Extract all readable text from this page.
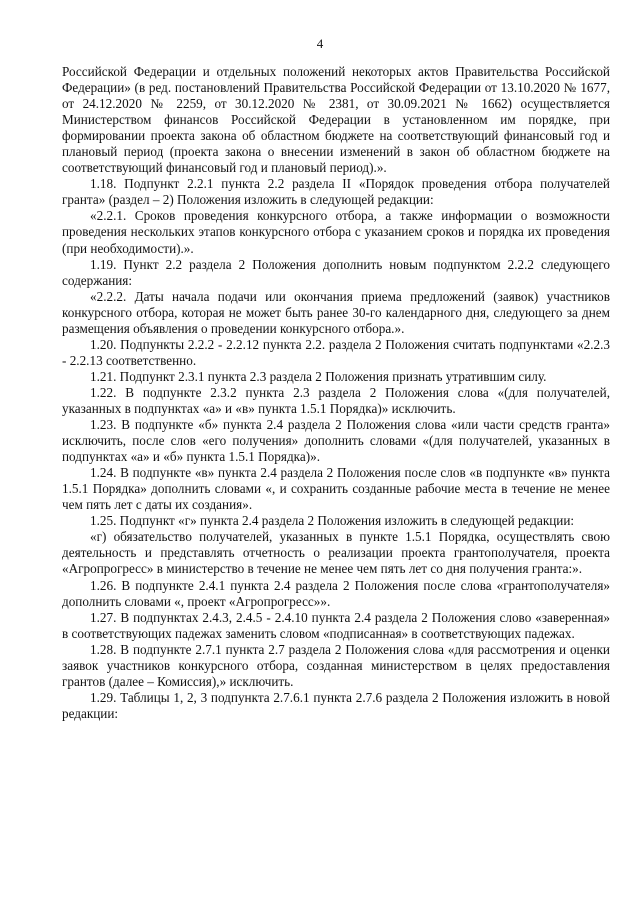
4

Российской Федерации и отдельных положений некоторых актов Правительства Российской Федерации» (в ред. постановлений Правительства Российской Федерации от 13.10.2020 № 1677, от 24.12.2020 № 2259, от 30.12.2020 № 2381, от 30.09.2021 № 1662) осуществляется Министерством финансов Российской Федерации в установленном им порядке, при формировании проекта закона об областном бюджете на соответствующий финансовый год и плановый период (проекта закона о внесении изменений в закон об областном бюджете на соответствующий финансовый год и плановый период).».

1.18. Подпункт 2.2.1 пункта 2.2 раздела II «Порядок проведения отбора получателей гранта» (раздел – 2) Положения изложить в следующей редакции:

«2.2.1. Сроков проведения конкурсного отбора, а также информации о возможности проведения нескольких этапов конкурсного отбора с указанием сроков и порядка их проведения (при необходимости).».

1.19. Пункт 2.2 раздела 2 Положения дополнить новым подпунктом 2.2.2 следующего содержания:

«2.2.2. Даты начала подачи или окончания приема предложений (заявок) участников конкурсного отбора, которая не может быть ранее 30-го календарного дня, следующего за днем размещения объявления о проведении конкурсного отбора.».

1.20. Подпункты 2.2.2 - 2.2.12 пункта 2.2. раздела 2 Положения считать подпунктами «2.2.3 - 2.2.13 соответственно.

1.21. Подпункт 2.3.1 пункта 2.3 раздела 2 Положения признать утратившим силу.

1.22. В подпункте 2.3.2 пункта 2.3 раздела 2 Положения слова «(для получателей, указанных в подпунктах «а» и «в» пункта 1.5.1 Порядка)» исключить.

1.23. В подпункте «б» пункта 2.4 раздела 2 Положения слова «или части средств гранта» исключить, после слов «его получения» дополнить словами «(для получателей, указанных в подпунктах «а» и «б» пункта 1.5.1 Порядка)».

1.24. В подпункте «в» пункта 2.4 раздела 2 Положения после слов «в подпункте «в» пункта 1.5.1 Порядка» дополнить словами «, и сохранить созданные рабочие места в течение не менее чем пять лет с даты их создания».

1.25. Подпункт «г» пункта 2.4 раздела 2 Положения изложить в следующей редакции:

«г) обязательство получателей, указанных в пункте 1.5.1 Порядка, осуществлять свою деятельность и представлять отчетность о реализации проекта грантополучателя, проекта «Агропрогресс» в министерство в течение не менее чем пять лет со дня получения гранта:».

1.26. В подпункте 2.4.1 пункта 2.4 раздела 2 Положения после слова «грантополучателя» дополнить словами «, проект «Агропрогресс»».

1.27. В подпунктах 2.4.3, 2.4.5 - 2.4.10 пункта 2.4 раздела 2 Положения слово «заверенная» в соответствующих падежах заменить словом «подписанная» в соответствующих падежах.

1.28. В подпункте 2.7.1 пункта 2.7 раздела 2 Положения слова «для рассмотрения и оценки заявок участников конкурсного отбора, созданная министерством в целях предоставления грантов (далее – Комиссия),» исключить.

1.29. Таблицы 1, 2, 3 подпункта 2.7.6.1 пункта 2.7.6 раздела 2 Положения изложить в новой редакции:
